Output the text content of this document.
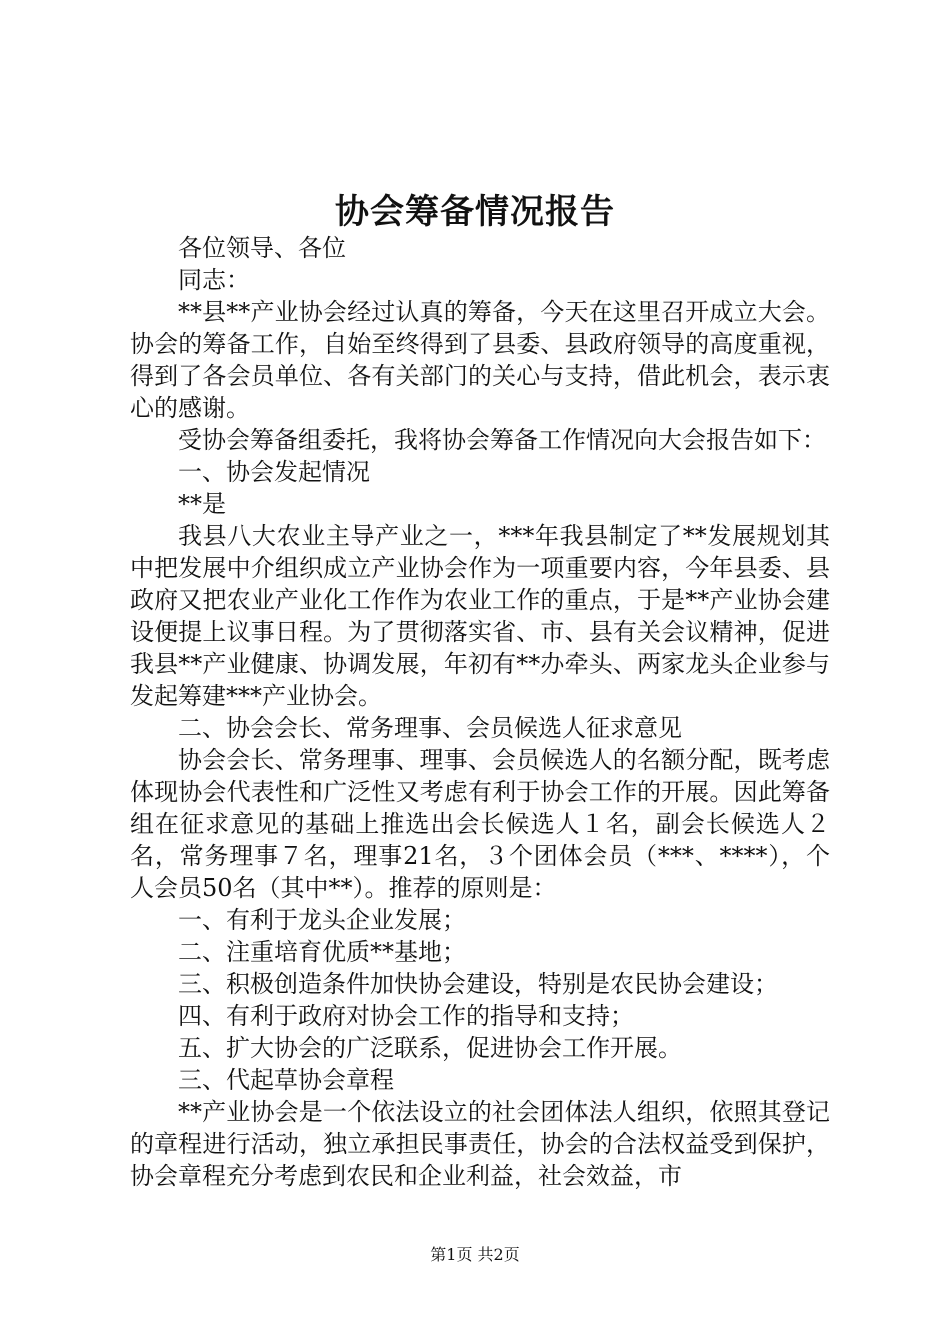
协会筹备情况报告

各位领导、各位

同志：

**县**产业协会经过认真的筹备，今天在这里召开成立大会。协会的筹备工作，自始至终得到了县委、县政府领导的高度重视，得到了各会员单位、各有关部门的关心与支持，借此机会，表示衷心的感谢。

受协会筹备组委托，我将协会筹备工作情况向大会报告如下：

一、协会发起情况

**是

我县八大农业主导产业之一，***年我县制定了**发展规划其中把发展中介组织成立产业协会作为一项重要内容，今年县委、县政府又把农业产业化工作作为农业工作的重点，于是**产业协会建设便提上议事日程。为了贯彻落实省、市、县有关会议精神，促进我县**产业健康、协调发展，年初有**办牵头、两家龙头企业参与发起筹建***产业协会。

二、协会会长、常务理事、会员候选人征求意见

协会会长、常务理事、理事、会员候选人的名额分配，既考虑体现协会代表性和广泛性又考虑有利于协会工作的开展。因此筹备组在征求意见的基础上推选出会长候选人１名，副会长候选人２名，常务理事７名，理事21名，３个团体会员（***、****），个人会员50名（其中**）。推荐的原则是：

一、有利于龙头企业发展；

二、注重培育优质**基地；

三、积极创造条件加快协会建设，特别是农民协会建设；

四、有利于政府对协会工作的指导和支持；

五、扩大协会的广泛联系，促进协会工作开展。

三、代起草协会章程

**产业协会是一个依法设立的社会团体法人组织，依照其登记的章程进行活动，独立承担民事责任，协会的合法权益受到保护，协会章程充分考虑到农民和企业利益，社会效益，市

第1页 共2页
